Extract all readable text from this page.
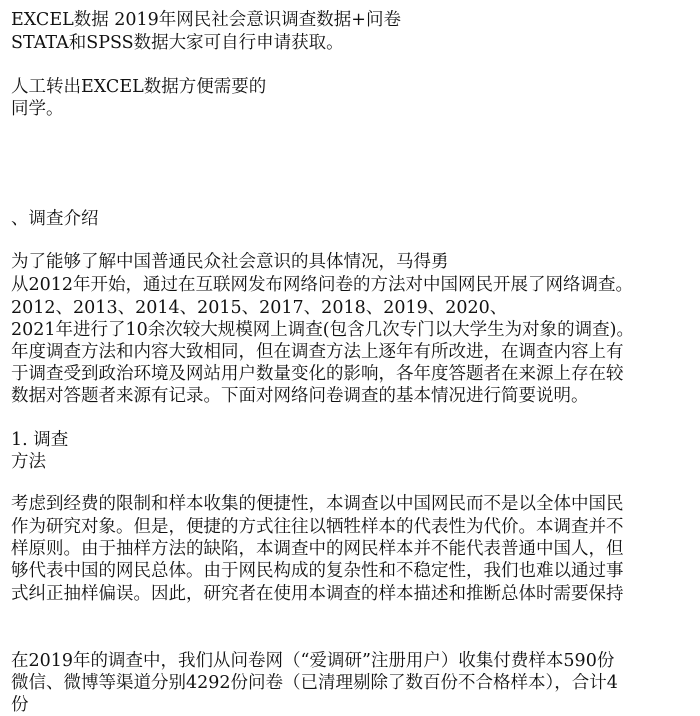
EXCEL数据 2019年网民社会意识调查数据+问卷
STATA和SPSS数据大家可自行申请获取。
人工转出EXCEL数据方便需要的
同学。
、调查介绍
为了能够了解中国普通民众社会意识的具体情况，马得勇
从2012年开始，通过在互联网发布网络问卷的方法对中国网民开展了网络调查。
2012、2013、2014、2015、2017、2018、2019、2020、
2021年进行了10余次较大规模网上调查(包含几次专门以大学生为对象的调查)。
年度调查方法和内容大致相同，但在调查方法上逐年有所改进，在调查内容上有
于调查受到政治环境及网站用户数量变化的影响，各年度答题者在来源上存在较
数据对答题者来源有记录。下面对网络问卷调查的基本情况进行简要说明。
1. 调查
方法
考虑到经费的限制和样本收集的便捷性，本调查以中国网民而不是以全体中国民
作为研究对象。但是，便捷的方式往往以牺牲样本的代表性为代价。本调查并不
样原则。由于抽样方法的缺陷，本调查中的网民样本并不能代表普通中国人，但
够代表中国的网民总体。由于网民构成的复杂性和不稳定性，我们也难以通过事
式纠正抽样偏误。因此，研究者在使用本调查的样本描述和推断总体时需要保持
在2019年的调查中，我们从问卷网（“爱调研”注册用户）收集付费样本590份
微信、微博等渠道分别4292份问卷（已清理剔除了数百份不合格样本），合计4
份
